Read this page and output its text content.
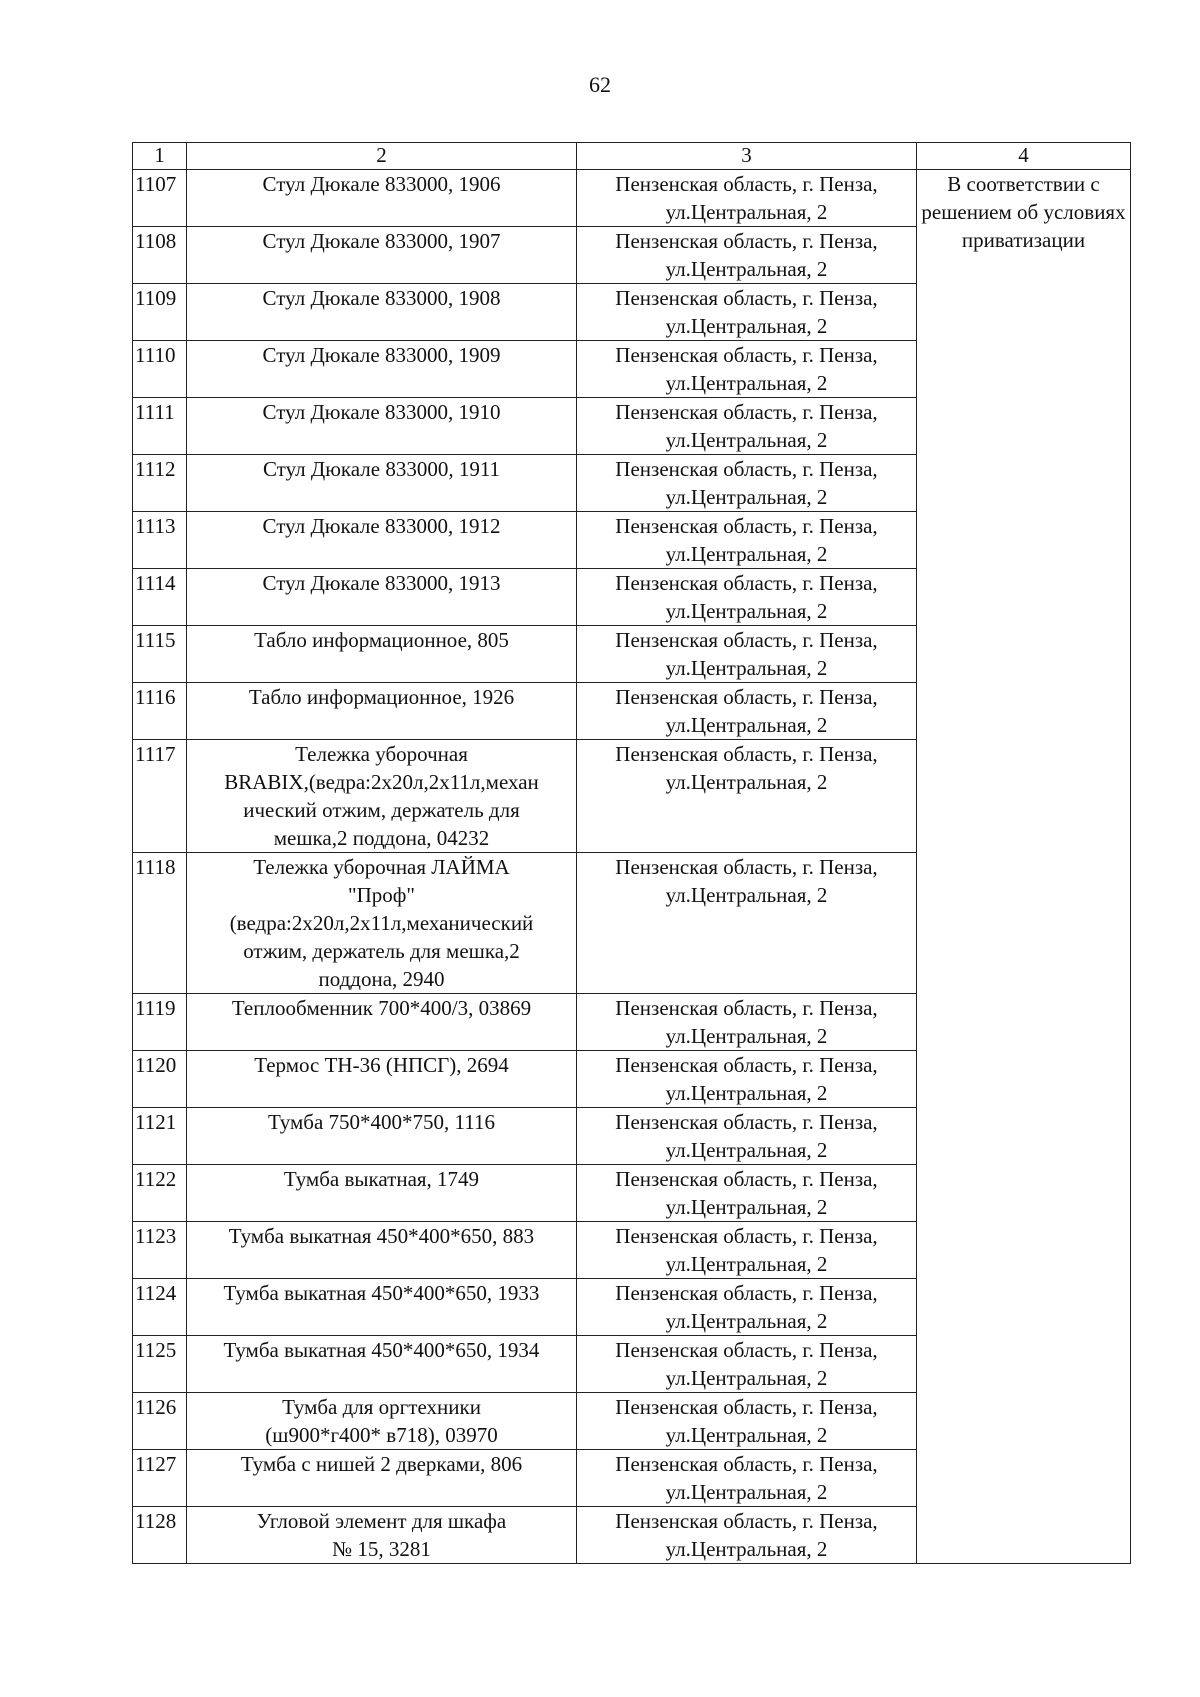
62
1	2	3	4
1107	Стул Дюкале 833000, 1906	Пензенская область, г. Пенза, ул.Центральная, 2	В соответствии с решением об условиях приватизации
1108	Стул Дюкале 833000, 1907	Пензенская область, г. Пенза, ул.Центральная, 2	
1109	Стул Дюкале 833000, 1908	Пензенская область, г. Пенза, ул.Центральная, 2	
1110	Стул Дюкале 833000, 1909	Пензенская область, г. Пенза, ул.Центральная, 2	
1111	Стул Дюкале 833000, 1910	Пензенская область, г. Пенза, ул.Центральная, 2	
1112	Стул Дюкале 833000, 1911	Пензенская область, г. Пенза, ул.Центральная, 2	
1113	Стул Дюкале 833000, 1912	Пензенская область, г. Пенза, ул.Центральная, 2	
1114	Стул Дюкале 833000, 1913	Пензенская область, г. Пенза, ул.Центральная, 2	
1115	Табло информационное, 805	Пензенская область, г. Пенза, ул.Центральная, 2	
1116	Табло информационное, 1926	Пензенская область, г. Пенза, ул.Центральная, 2	
1117	Тележка уборочная
BRABIX,(ведра:2х20л,2х11л,механ
ический отжим, держатель для
мешка,2 поддона, 04232	Пензенская область, г. Пенза, ул.Центральная, 2	
1118	Тележка уборочная ЛАЙМА
"Проф"
(ведра:2х20л,2х11л,механический
отжим, держатель для мешка,2
поддона, 2940	Пензенская область, г. Пенза, ул.Центральная, 2	
1119	Теплообменник 700*400/3, 03869	Пензенская область, г. Пенза, ул.Центральная, 2	
1120	Термос ТН-36 (НПСГ), 2694	Пензенская область, г. Пенза, ул.Центральная, 2	
1121	Тумба 750*400*750, 1116	Пензенская область, г. Пенза, ул.Центральная, 2	
1122	Тумба выкатная, 1749	Пензенская область, г. Пенза, ул.Центральная, 2	
1123	Тумба выкатная 450*400*650, 883	Пензенская область, г. Пенза, ул.Центральная, 2	
1124	Тумба выкатная 450*400*650, 1933	Пензенская область, г. Пенза, ул.Центральная, 2	
1125	Тумба выкатная 450*400*650, 1934	Пензенская область, г. Пенза, ул.Центральная, 2	
1126	Тумба для оргтехники
(ш900*г400* в718), 03970	Пензенская область, г. Пенза, ул.Центральная, 2	
1127	Тумба с нишей 2 дверками, 806	Пензенская область, г. Пенза, ул.Центральная, 2	
1128	Угловой элемент для шкафа
№ 15, 3281	Пензенская область, г. Пенза, ул.Центральная, 2	
